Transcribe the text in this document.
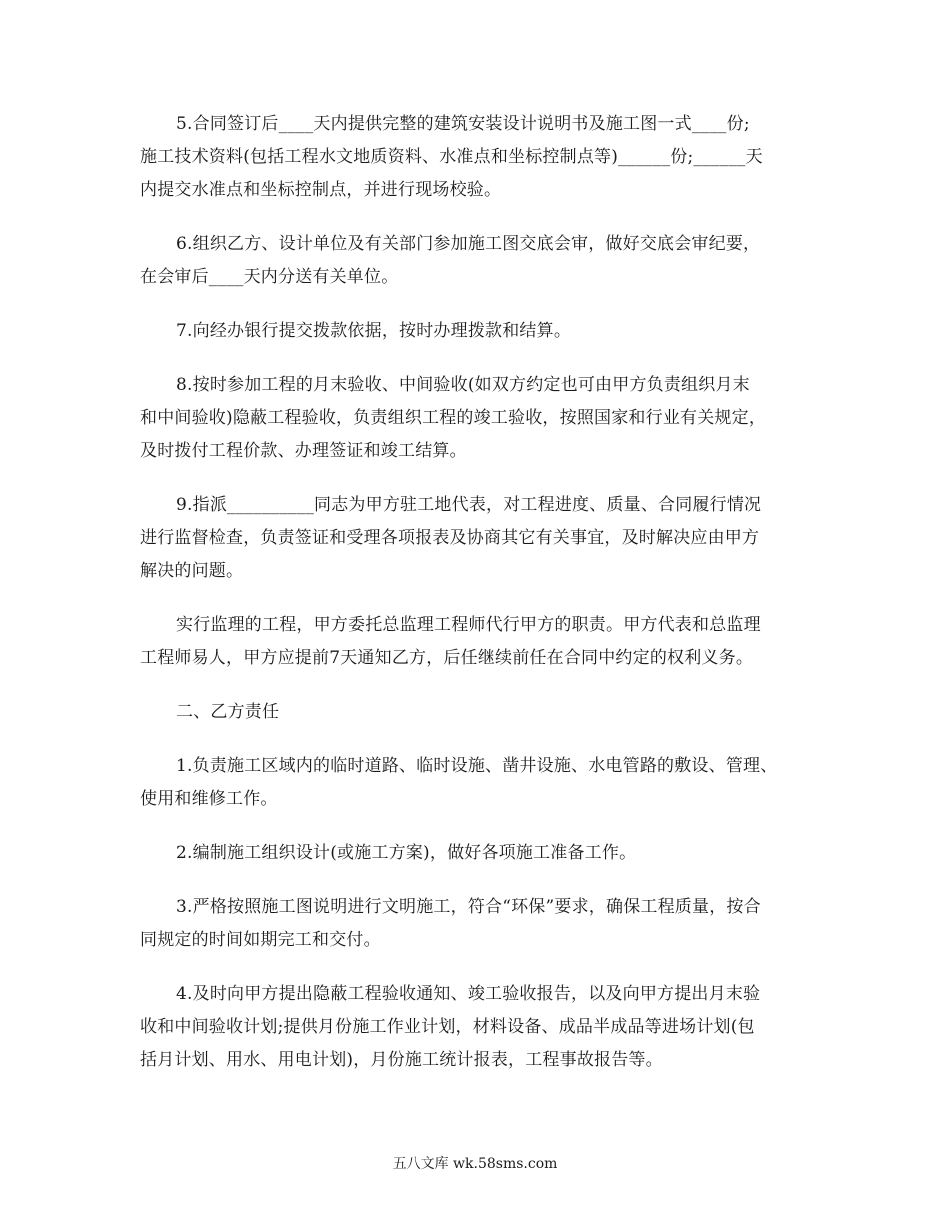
5.合同签订后____天内提供完整的建筑安装设计说明书及施工图一式____份;
施工技术资料(包括工程水文地质资料、水准点和坐标控制点等)______份;______天
内提交水准点和坐标控制点，并进行现场校验。

6.组织乙方、设计单位及有关部门参加施工图交底会审，做好交底会审纪要，
在会审后____天内分送有关单位。

7.向经办银行提交拨款依据，按时办理拨款和结算。

8.按时参加工程的月末验收、中间验收(如双方约定也可由甲方负责组织月末
和中间验收)隐蔽工程验收，负责组织工程的竣工验收，按照国家和行业有关规定，
及时拨付工程价款、办理签证和竣工结算。

9.指派__________同志为甲方驻工地代表，对工程进度、质量、合同履行情况
进行监督检查，负责签证和受理各项报表及协商其它有关事宜，及时解决应由甲方
解决的问题。

实行监理的工程，甲方委托总监理工程师代行甲方的职责。甲方代表和总监理
工程师易人，甲方应提前7天通知乙方，后任继续前任在合同中约定的权利义务。

二、乙方责任

1.负责施工区域内的临时道路、临时设施、凿井设施、水电管路的敷设、管理、
使用和维修工作。

2.编制施工组织设计(或施工方案)，做好各项施工准备工作。

3.严格按照施工图说明进行文明施工，符合“环保”要求，确保工程质量，按合
同规定的时间如期完工和交付。

4.及时向甲方提出隐蔽工程验收通知、竣工验收报告，以及向甲方提出月末验
收和中间验收计划;提供月份施工作业计划，材料设备、成品半成品等进场计划(包
括月计划、用水、用电计划)，月份施工统计报表，工程事故报告等。

五八文库 wk.58sms.com
